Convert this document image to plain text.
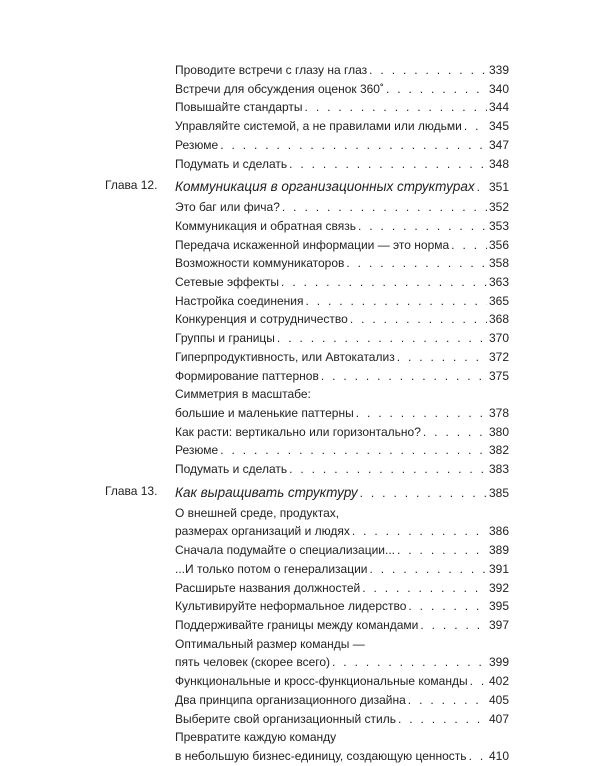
Проводите встречи с глазу на глаз . . .	339
Встречи для обсуждения оценок 360˚ . . .	340
Повышайте стандарты . . .	344
Управляйте системой, а не правилами или людьми . . . 345
Резюме . . .	347
Подумать и сделать . . .	348
Глава 12. Коммуникация в организационных структурах . . . 351
Это баг или фича? . . .	352
Коммуникация и обратная связь . . .	353
Передача искаженной информации — это норма . . .	356
Возможности коммуникаторов . . .	358
Сетевые эффекты . . .	363
Настройка соединения . . .	365
Конкуренция и сотрудничество . . .	368
Группы и границы . . .	370
Гиперпродуктивность, или Автокатализ . . .	372
Формирование паттернов . . .	375
Симметрия в масштабе:
большие и маленькие паттерны . . .	378
Как расти: вертикально или горизонтально? . . .	380
Резюме . . .	382
Подумать и сделать . . .	383
Глава 13. Как выращивать структуру . . .	385
О внешней среде, продуктах,
размерах организаций и людях . . .	386
Сначала подумайте о специализации... . . .	389
...И только потом о генерализации . . .	391
Расширьте названия должностей . . .	392
Культивируйте неформальное лидерство . . .	395
Поддерживайте границы между командами . . .	397
Оптимальный размер команды —
пять человек (скорее всего) . . .	399
Функциональные и кросс-функциональные команды . . . 402
Два принципа организационного дизайна . . .	405
Выберите свой организационный стиль . . .	407
Превратите каждую команду
в небольшую бизнес-единицу, создающую ценность . . . 410
